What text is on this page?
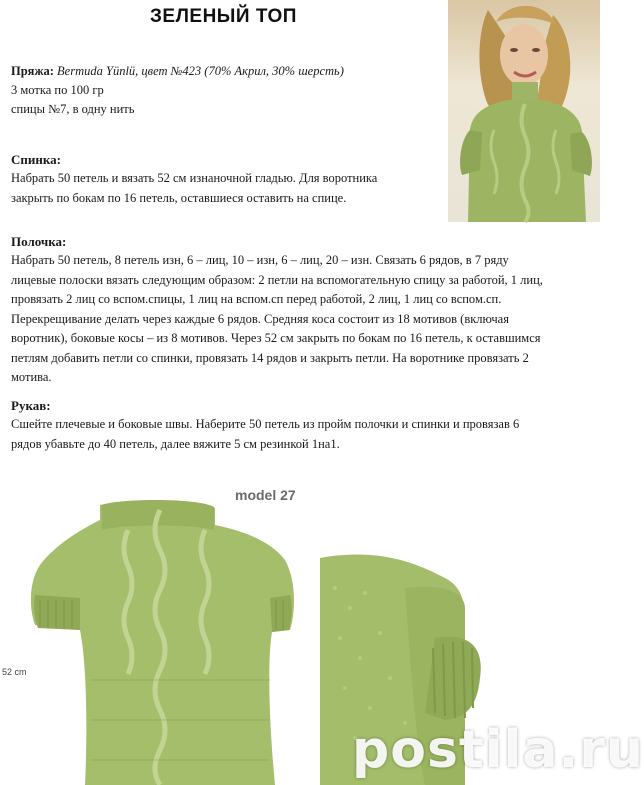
ЗЕЛЕНЫЙ ТОП
Пряжа: Bermuda Yünlü, цвет №423 (70% Акрил, 30% шерсть)
3 мотка по 100 гр
спицы №7, в одну нить
Спинка :
Набрать 50 петель и вязать 52 см изнаночной гладью. Для воротника
закрыть по бокам по 16 петель, оставшиеся оставить на спице.
Полочка :
Набрать 50 петель, 8 петель изн, 6 – лиц, 10 – изн, 6 – лиц, 20 – изн. Связать 6 рядов, в 7 ряду
лицевые полоски вязать следующим образом: 2 петли на вспомогательную спицу за работой, 1 лиц,
провязать 2 лиц со вспом.спицы, 1 лиц на вспом.сп перед работой, 2 лиц, 1 лиц со вспом.сп.
Перекрещивание делать через каждые 6 рядов. Средняя коса состоит из 18 мотивов (включая
воротник), боковые косы – из 8 мотивов. Через 52 см закрыть по бокам по 16 петель, к оставшимся
петлям добавить петли со спинки, провязать 14 рядов и закрыть петли. На воротнике провязать 2
мотива.
Рукав :
Сшейте плечевые и боковые швы. Наберите 50 петель из пройм полочки и спинки и провязав 6
рядов убавьте до 40 петель, далее вяжите 5 см резинкой 1на1.
model 27
52 cm
postila.ru
